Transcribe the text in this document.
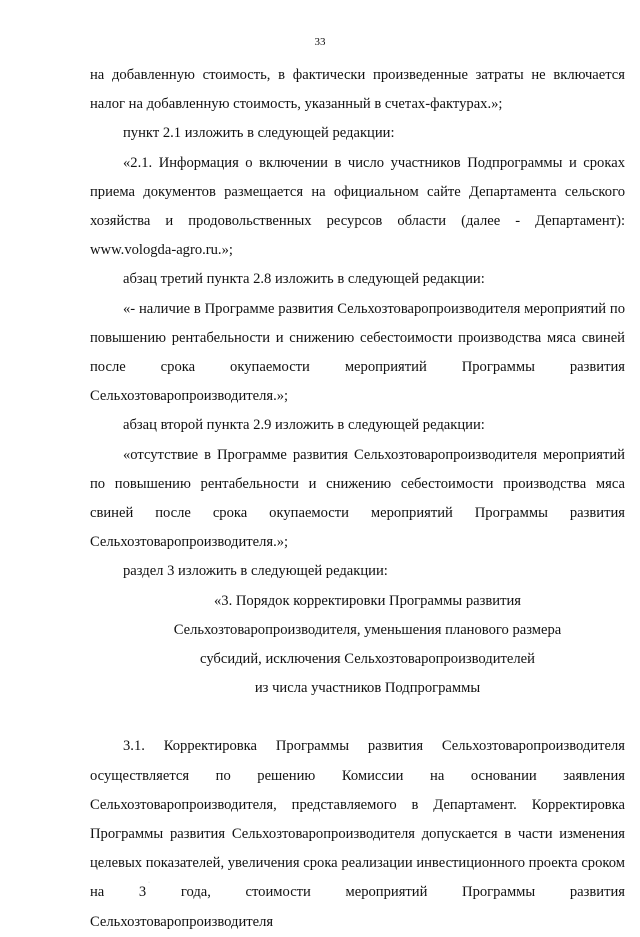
33

на добавленную стоимость, в фактически произведенные затраты не включается налог на добавленную стоимость, указанный в счетах-фактурах.»;

пункт 2.1 изложить в следующей редакции:

«2.1. Информация о включении в число участников Подпрограммы и сроках приема документов размещается на официальном сайте Департамента сельского хозяйства и продовольственных ресурсов области (далее - Департамент): www.vologda-agro.ru.»;

абзац третий пункта 2.8 изложить в следующей редакции:

«- наличие в Программе развития Сельхозтоваропроизводителя мероприятий по повышению рентабельности и снижению себестоимости производства мяса свиней после срока окупаемости мероприятий Программы развития Сельхозтоваропроизводителя.»;

абзац второй пункта 2.9 изложить в следующей редакции:

«отсутствие в Программе развития Сельхозтоваропроизводителя мероприятий по повышению рентабельности и снижению себестоимости производства мяса свиней после срока окупаемости мероприятий Программы развития Сельхозтоваропроизводителя.»;

раздел 3 изложить в следующей редакции:

«3. Порядок корректировки Программы развития
Сельхозтоваропроизводителя, уменьшения планового размера
субсидий, исключения Сельхозтоваропроизводителей
из числа участников Подпрограммы

3.1. Корректировка Программы развития Сельхозтоваропроизводителя осуществляется по решению Комиссии на основании заявления Сельхозтоваропроизводителя, представляемого в Департамент. Корректировка Программы развития Сельхозтоваропроизводителя допускается в части изменения целевых показателей, увеличения срока реализации инвестиционного проекта сроком на 3 года, стоимости мероприятий Программы развития Сельхозтоваропроизводителя

·
